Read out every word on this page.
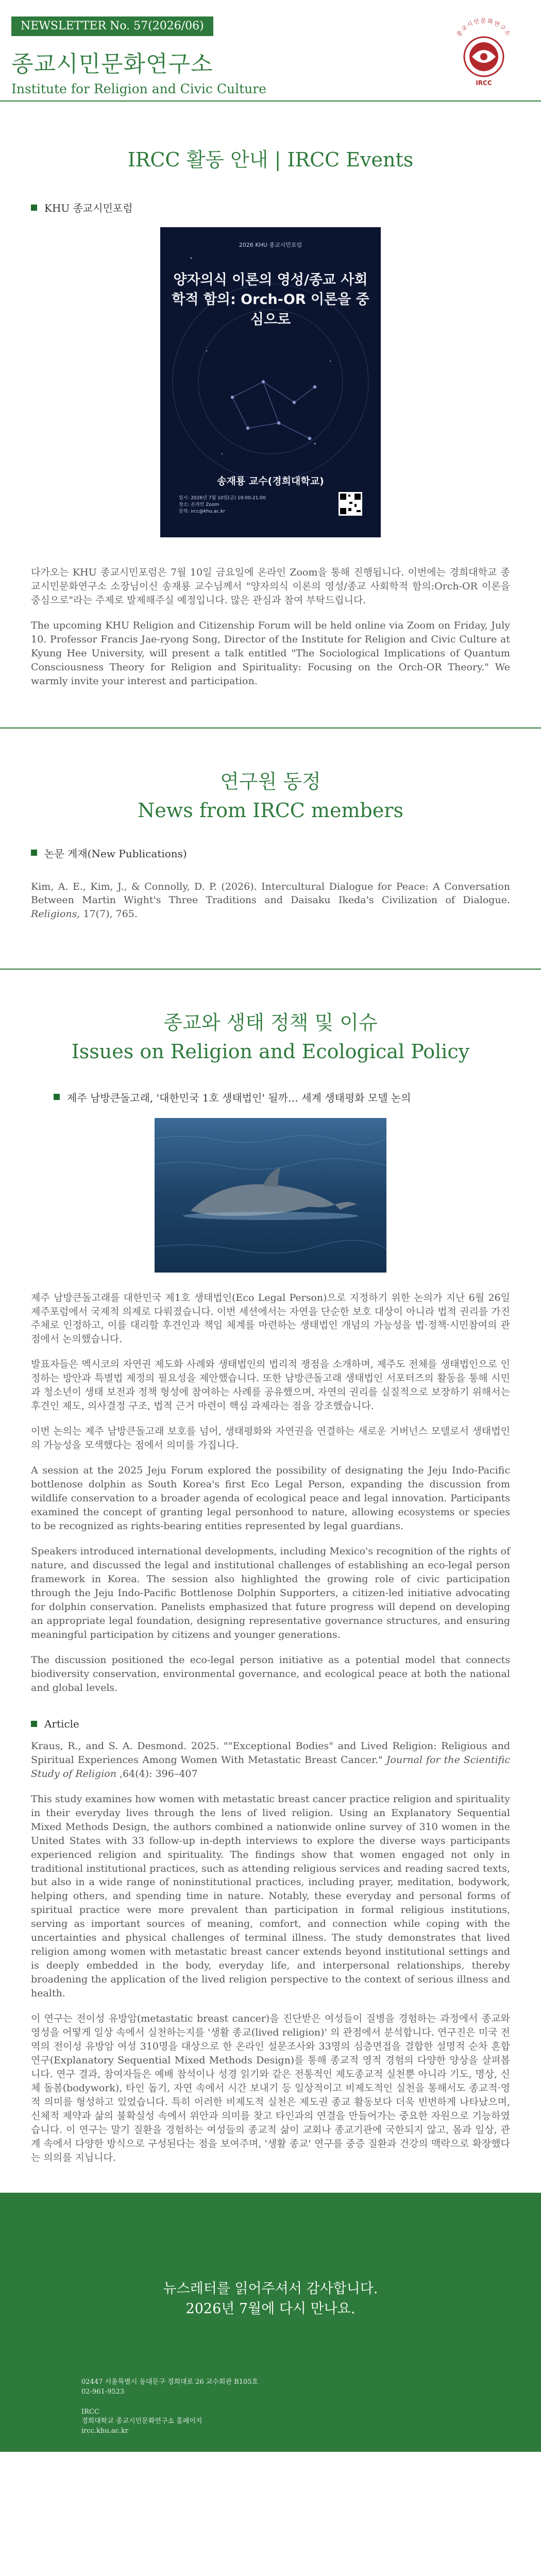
NEWSLETTER No. 57(2026/06)
종교시민문화연구소
Institute for Religion and Civic Culture
종교시민문화연구소
IRCC
IRCC 활동 안내 | IRCC Events
KHU 종교시민포럼
2026 KHU 종교시민포럼
양자의식 이론의 영성/종교 사회학적 함의: Orch-OR 이론을 중심으로
송재룡 교수(경희대학교)
일시: 2026년 7월 10일(금) 19:00-21:00
장소: 온라인 Zoom
문의: ircc@khu.ac.kr

다가오는 KHU 종교시민포럼은 7월 10일 금요일에 온라인 Zoom을 통해 진행됩니다. 이번에는 경희대학교 종교시민문화연구소 소장님이신 송재룡 교수님께서 "양자의식 이론의 영성/종교 사회학적 함의:Orch-OR 이론을 중심으로"라는 주제로 발제해주실 예정입니다. 많은 관심과 참여 부탁드립니다.

The upcoming KHU Religion and Citizenship Forum will be held online via Zoom on Friday, July 10. Professor Francis Jae-ryong Song, Director of the Institute for Religion and Civic Culture at Kyung Hee University, will present a talk entitled "The Sociological Implications of Quantum Consciousness Theory for Religion and Spirituality: Focusing on the Orch-OR Theory." We warmly invite your interest and participation.

연구원 동정
News from IRCC members
논문 게재(New Publications)

Kim, A. E., Kim, J., & Connolly, D. P. (2026). Intercultural Dialogue for Peace: A Conversation Between Martin Wight's Three Traditions and Daisaku Ikeda's Civilization of Dialogue. Religions, 17(7), 765.

종교와 생태 정책 및 이슈
Issues on Religion and Ecological Policy
제주 남방큰돌고래, '대한민국 1호 생태법인' 될까… 세계 생태평화 모델 논의

제주 남방큰돌고래를 대한민국 제1호 생태법인(Eco Legal Person)으로 지정하기 위한 논의가 지난 6월 26일 제주포럼에서 국제적 의제로 다뤄졌습니다. 이번 세션에서는 자연을 단순한 보호 대상이 아니라 법적 권리를 가진 주체로 인정하고, 이를 대리할 후견인과 책임 체계를 마련하는 생태법인 개념의 가능성을 법·정책·시민참여의 관점에서 논의했습니다.

발표자들은 멕시코의 자연권 제도화 사례와 생태법인의 법리적 쟁점을 소개하며, 제주도 전체를 생태법인으로 인정하는 방안과 특별법 제정의 필요성을 제안했습니다. 또한 남방큰돌고래 생태법인 서포터즈의 활동을 통해 시민과 청소년이 생태 보전과 정책 형성에 참여하는 사례를 공유했으며, 자연의 권리를 실질적으로 보장하기 위해서는 후견인 제도, 의사결정 구조, 법적 근거 마련이 핵심 과제라는 점을 강조했습니다.

이번 논의는 제주 남방큰돌고래 보호를 넘어, 생태평화와 자연권을 연결하는 새로운 거버넌스 모델로서 생태법인의 가능성을 모색했다는 점에서 의미를 가집니다.

A session at the 2025 Jeju Forum explored the possibility of designating the Jeju Indo-Pacific bottlenose dolphin as South Korea's first Eco Legal Person, expanding the discussion from wildlife conservation to a broader agenda of ecological peace and legal innovation. Participants examined the concept of granting legal personhood to nature, allowing ecosystems or species to be recognized as rights-bearing entities represented by legal guardians.

Speakers introduced international developments, including Mexico's recognition of the rights of nature, and discussed the legal and institutional challenges of establishing an eco-legal person framework in Korea. The session also highlighted the growing role of civic participation through the Jeju Indo-Pacific Bottlenose Dolphin Supporters, a citizen-led initiative advocating for dolphin conservation. Panelists emphasized that future progress will depend on developing an appropriate legal foundation, designing representative governance structures, and ensuring meaningful participation by citizens and younger generations.

The discussion positioned the eco-legal person initiative as a potential model that connects biodiversity conservation, environmental governance, and ecological peace at both the national and global levels.

Article

Kraus, R., and S. A. Desmond. 2025. ""Exceptional Bodies" and Lived Religion: Religious and Spiritual Experiences Among Women With Metastatic Breast Cancer." Journal for the Scientific Study of Religion ,64(4): 396–407

This study examines how women with metastatic breast cancer practice religion and spirituality in their everyday lives through the lens of lived religion. Using an Explanatory Sequential Mixed Methods Design, the authors combined a nationwide online survey of 310 women in the United States with 33 follow-up in-depth interviews to explore the diverse ways participants experienced religion and spirituality. The findings show that women engaged not only in traditional institutional practices, such as attending religious services and reading sacred texts, but also in a wide range of noninstitutional practices, including prayer, meditation, bodywork, helping others, and spending time in nature. Notably, these everyday and personal forms of spiritual practice were more prevalent than participation in formal religious institutions, serving as important sources of meaning, comfort, and connection while coping with the uncertainties and physical challenges of terminal illness. The study demonstrates that lived religion among women with metastatic breast cancer extends beyond institutional settings and is deeply embedded in the body, everyday life, and interpersonal relationships, thereby broadening the application of the lived religion perspective to the context of serious illness and health.

이 연구는 전이성 유방암(metastatic breast cancer)을 진단받은 여성들이 질병을 경험하는 과정에서 종교와 영성을 어떻게 일상 속에서 실천하는지를 '생활 종교(lived religion)' 의 관점에서 분석합니다. 연구진은 미국 전역의 전이성 유방암 여성 310명을 대상으로 한 온라인 설문조사와 33명의 심층면접을 결합한 설명적 순차 혼합연구(Explanatory Sequential Mixed Methods Design)를 통해 종교적 영적 경험의 다양한 양상을 살펴봅니다. 연구 결과, 참여자들은 예배 참석이나 성경 읽기와 같은 전통적인 제도종교적 실천뿐 아니라 기도, 명상, 신체 돌봄(bodywork), 타인 돕기, 자연 속에서 시간 보내기 등 일상적이고 비제도적인 실천을 통해서도 종교적·영적 의미를 형성하고 있었습니다. 특히 이러한 비제도적 실천은 제도권 종교 활동보다 더욱 빈번하게 나타났으며, 신체적 제약과 삶의 불확실성 속에서 위안과 의미를 찾고 타인과의 연결을 만들어가는 중요한 자원으로 기능하였습니다. 이 연구는 말기 질환을 경험하는 여성들의 종교적 삶이 교회나 종교기관에 국한되지 않고, 몸과 일상, 관계 속에서 다양한 방식으로 구성된다는 점을 보여주며, '생활 종교' 연구를 중증 질환과 건강의 맥락으로 확장했다는 의의를 지닙니다.

뉴스레터를 읽어주셔서 감사합니다.
2026년 7월에 다시 만나요.
02447 서울특별시 동대문구 경희대로 26 교수회관 B105호
02-961-9523
IRCC
경희대학교 종교시민문화연구소 홈페이지
ircc.khu.ac.kr
